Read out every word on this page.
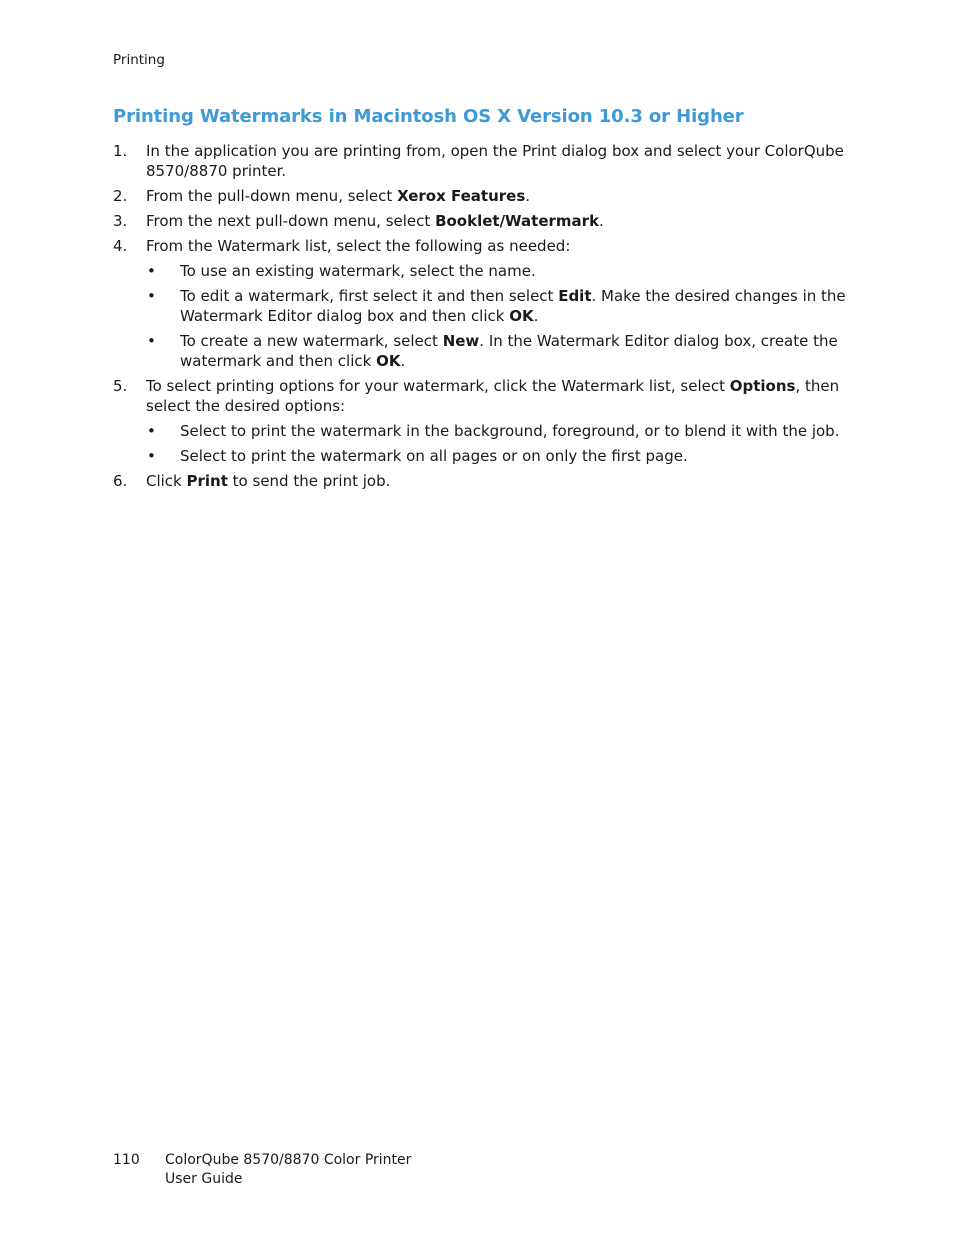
Printing
Printing Watermarks in Macintosh OS X Version 10.3 or Higher
1. In the application you are printing from, open the Print dialog box and select your ColorQube 8570/8870 printer.
2. From the pull-down menu, select Xerox Features.
3. From the next pull-down menu, select Booklet/Watermark.
4. From the Watermark list, select the following as needed:
• To use an existing watermark, select the name.
• To edit a watermark, first select it and then select Edit. Make the desired changes in the Watermark Editor dialog box and then click OK.
• To create a new watermark, select New. In the Watermark Editor dialog box, create the watermark and then click OK.
5. To select printing options for your watermark, click the Watermark list, select Options, then select the desired options:
• Select to print the watermark in the background, foreground, or to blend it with the job.
• Select to print the watermark on all pages or on only the first page.
6. Click Print to send the print job.
110 ColorQube 8570/8870 Color Printer
User Guide
